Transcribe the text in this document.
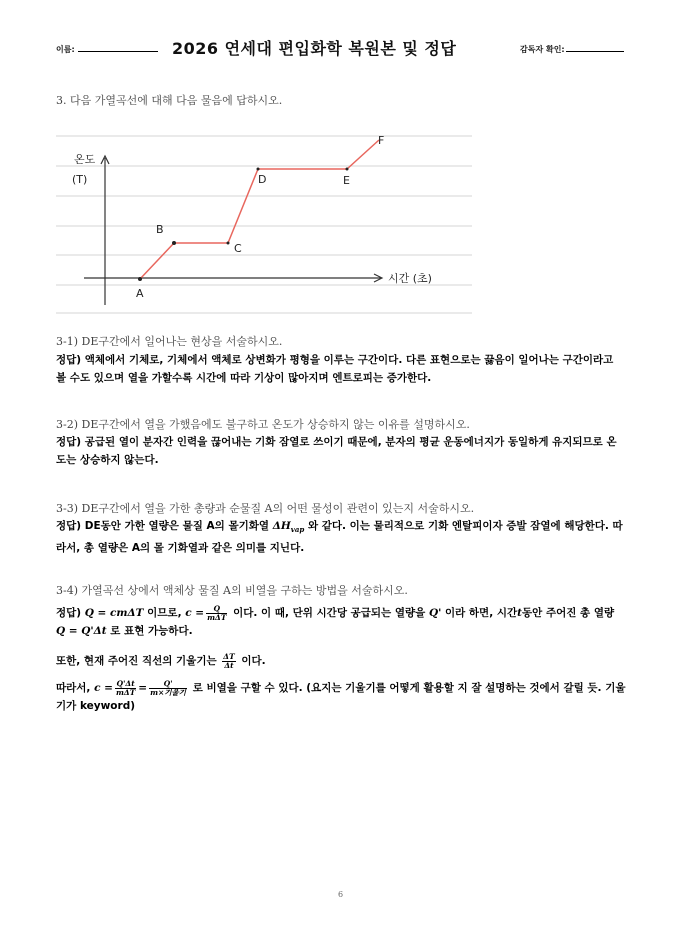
이름:	2026 연세대 편입화학 복원본 및 정답	감독자 확인:
3. 다음 가열곡선에 대해 다음 물음에 답하시오.
온도
(T)
시간 (초)
A
B
C
D	E
F
3-1) DE구간에서 일어나는 현상을 서술하시오.
정답) 액체에서 기체로, 기체에서 액체로 상변화가 평형을 이루는 구간이다. 다른 표현으로는 끓음이 일어나는 구간이라고 볼 수도 있으며 열을 가할수록 시간에 따라 기상이 많아지며 엔트로피는 증가한다.
3-2) DE구간에서 열을 가했음에도 불구하고 온도가 상승하지 않는 이유를 설명하시오.
정답) 공급된 열이 분자간 인력을 끊어내는 기화 잠열로 쓰이기 때문에, 분자의 평균 운동에너지가 동일하게 유지되므로 온도는 상승하지 않는다.
3-3) DE구간에서 열을 가한 총량과 순물질 A의 어떤 물성이 관련이 있는지 서술하시오.
정답) DE동안 가한 열량은 물질 A의 몰기화열 $\Delta H_{vap}$ 와 같다. 이는 물리적으로 기화 엔탈피이자 증발 잠열에 해당한다. 따라서, 총 열량은 A의 몰 기화열과 같은 의미를 지닌다.
3-4) 가열곡선 상에서 액체상 물질 A의 비열을 구하는 방법을 서술하시오.
정답) Q = cmΔT 이므로, $c = \frac{Q}{\text{mΔT}}$ 이다. 이 때, 단위 시간당 공급되는 열량을 Q' 이라 하면, 시간t동안 주어진 총 열량 Q = Q'Δt 로 표현 가능하다.
또한, 현재 주어진 직선의 기울기는 $\frac{\Delta T}{\Delta t}$ 이다.
따라서, $c = \frac{Q'\Delta t}{\text{mΔT}} = \frac{Q'}{\text{m×기울기}}$ 로 비열을 구할 수 있다. (요지는 기울기를 어떻게 활용할 지 잘 설명하는 것에서 갈릴 듯. 기울기가 keyword)
6
